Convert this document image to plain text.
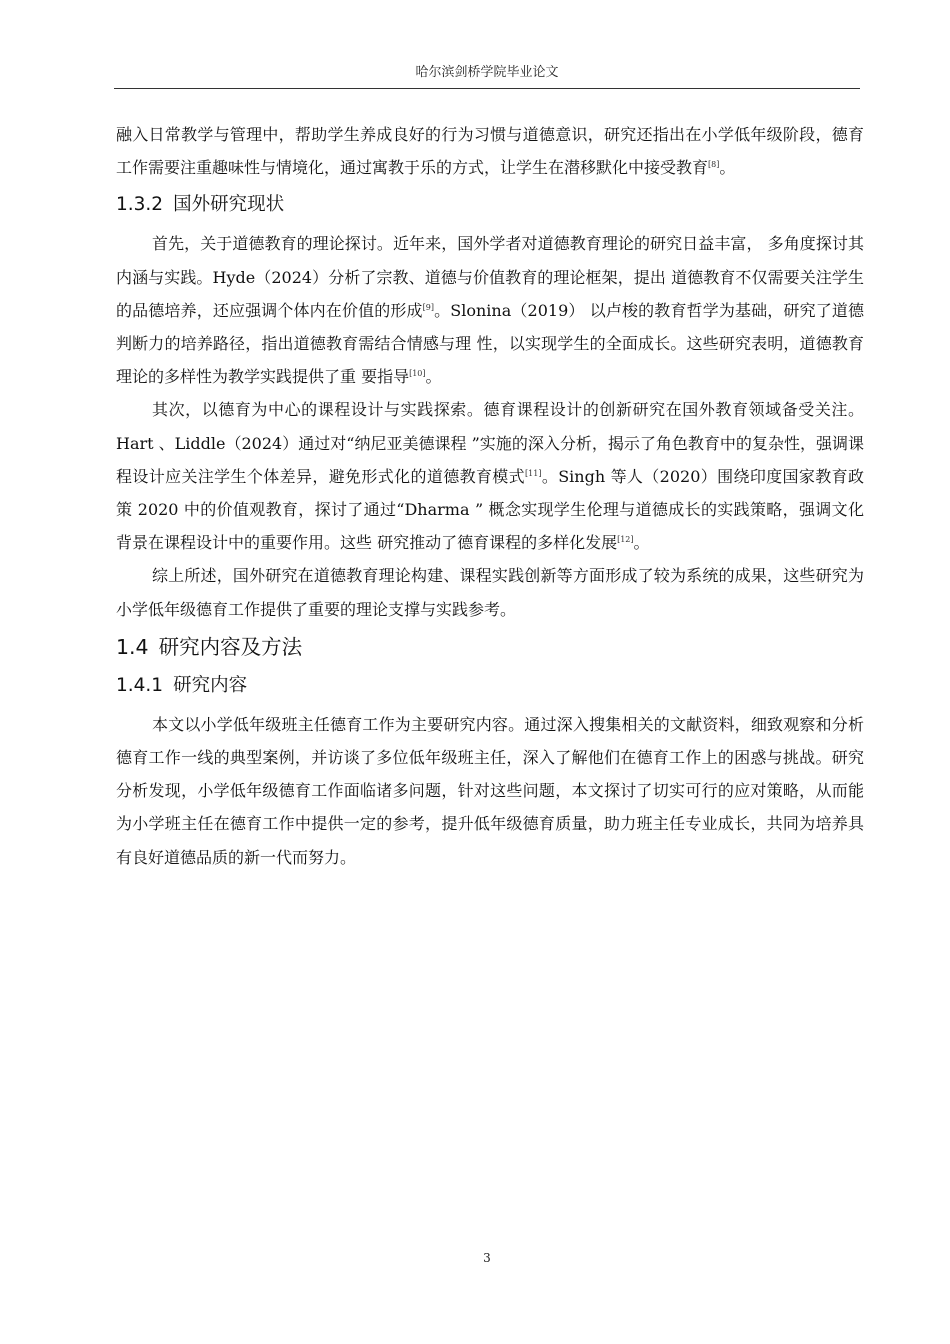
哈尔滨剑桥学院毕业论文

融入日常教学与管理中，帮助学生养成良好的行为习惯与道德意识，研究还指出在小学低年级阶段，德育工作需要注重趣味性与情境化，通过寓教于乐的方式，让学生在潜移默化中接受教育[8]。

1.3.2 国外研究现状

首先，关于道德教育的理论探讨。近年来，国外学者对道德教育理论的研究日益丰富， 多角度探讨其内涵与实践。Hyde（2024）分析了宗教、道德与价值教育的理论框架，提出 道德教育不仅需要关注学生的品德培养，还应强调个体内在价值的形成[9]。Slonina（2019） 以卢梭的教育哲学为基础，研究了道德判断力的培养路径，指出道德教育需结合情感与理 性，以实现学生的全面成长。这些研究表明，道德教育理论的多样性为教学实践提供了重 要指导[10]。

其次，以德育为中心的课程设计与实践探索。德育课程设计的创新研究在国外教育领域备受关注。Hart 、Liddle（2024）通过对“纳尼亚美德课程 ”实施的深入分析，揭示了角色教育中的复杂性，强调课程设计应关注学生个体差异，避免形式化的道德教育模式[11]。Singh 等人（2020）围绕印度国家教育政策 2020 中的价值观教育，探讨了通过“Dharma ” 概念实现学生伦理与道德成长的实践策略，强调文化背景在课程设计中的重要作用。这些 研究推动了德育课程的多样化发展[12]。

综上所述，国外研究在道德教育理论构建、课程实践创新等方面形成了较为系统的成果，这些研究为小学低年级德育工作提供了重要的理论支撑与实践参考。

1.4 研究内容及方法
1.4.1 研究内容

本文以小学低年级班主任德育工作为主要研究内容。通过深入搜集相关的文献资料，细致观察和分析德育工作一线的典型案例，并访谈了多位低年级班主任，深入了解他们在德育工作上的困惑与挑战。研究分析发现，小学低年级德育工作面临诸多问题，针对这些问题，本文探讨了切实可行的应对策略，从而能为小学班主任在德育工作中提供一定的参考，提升低年级德育质量，助力班主任专业成长，共同为培养具有良好道德品质的新一代而努力。

3
